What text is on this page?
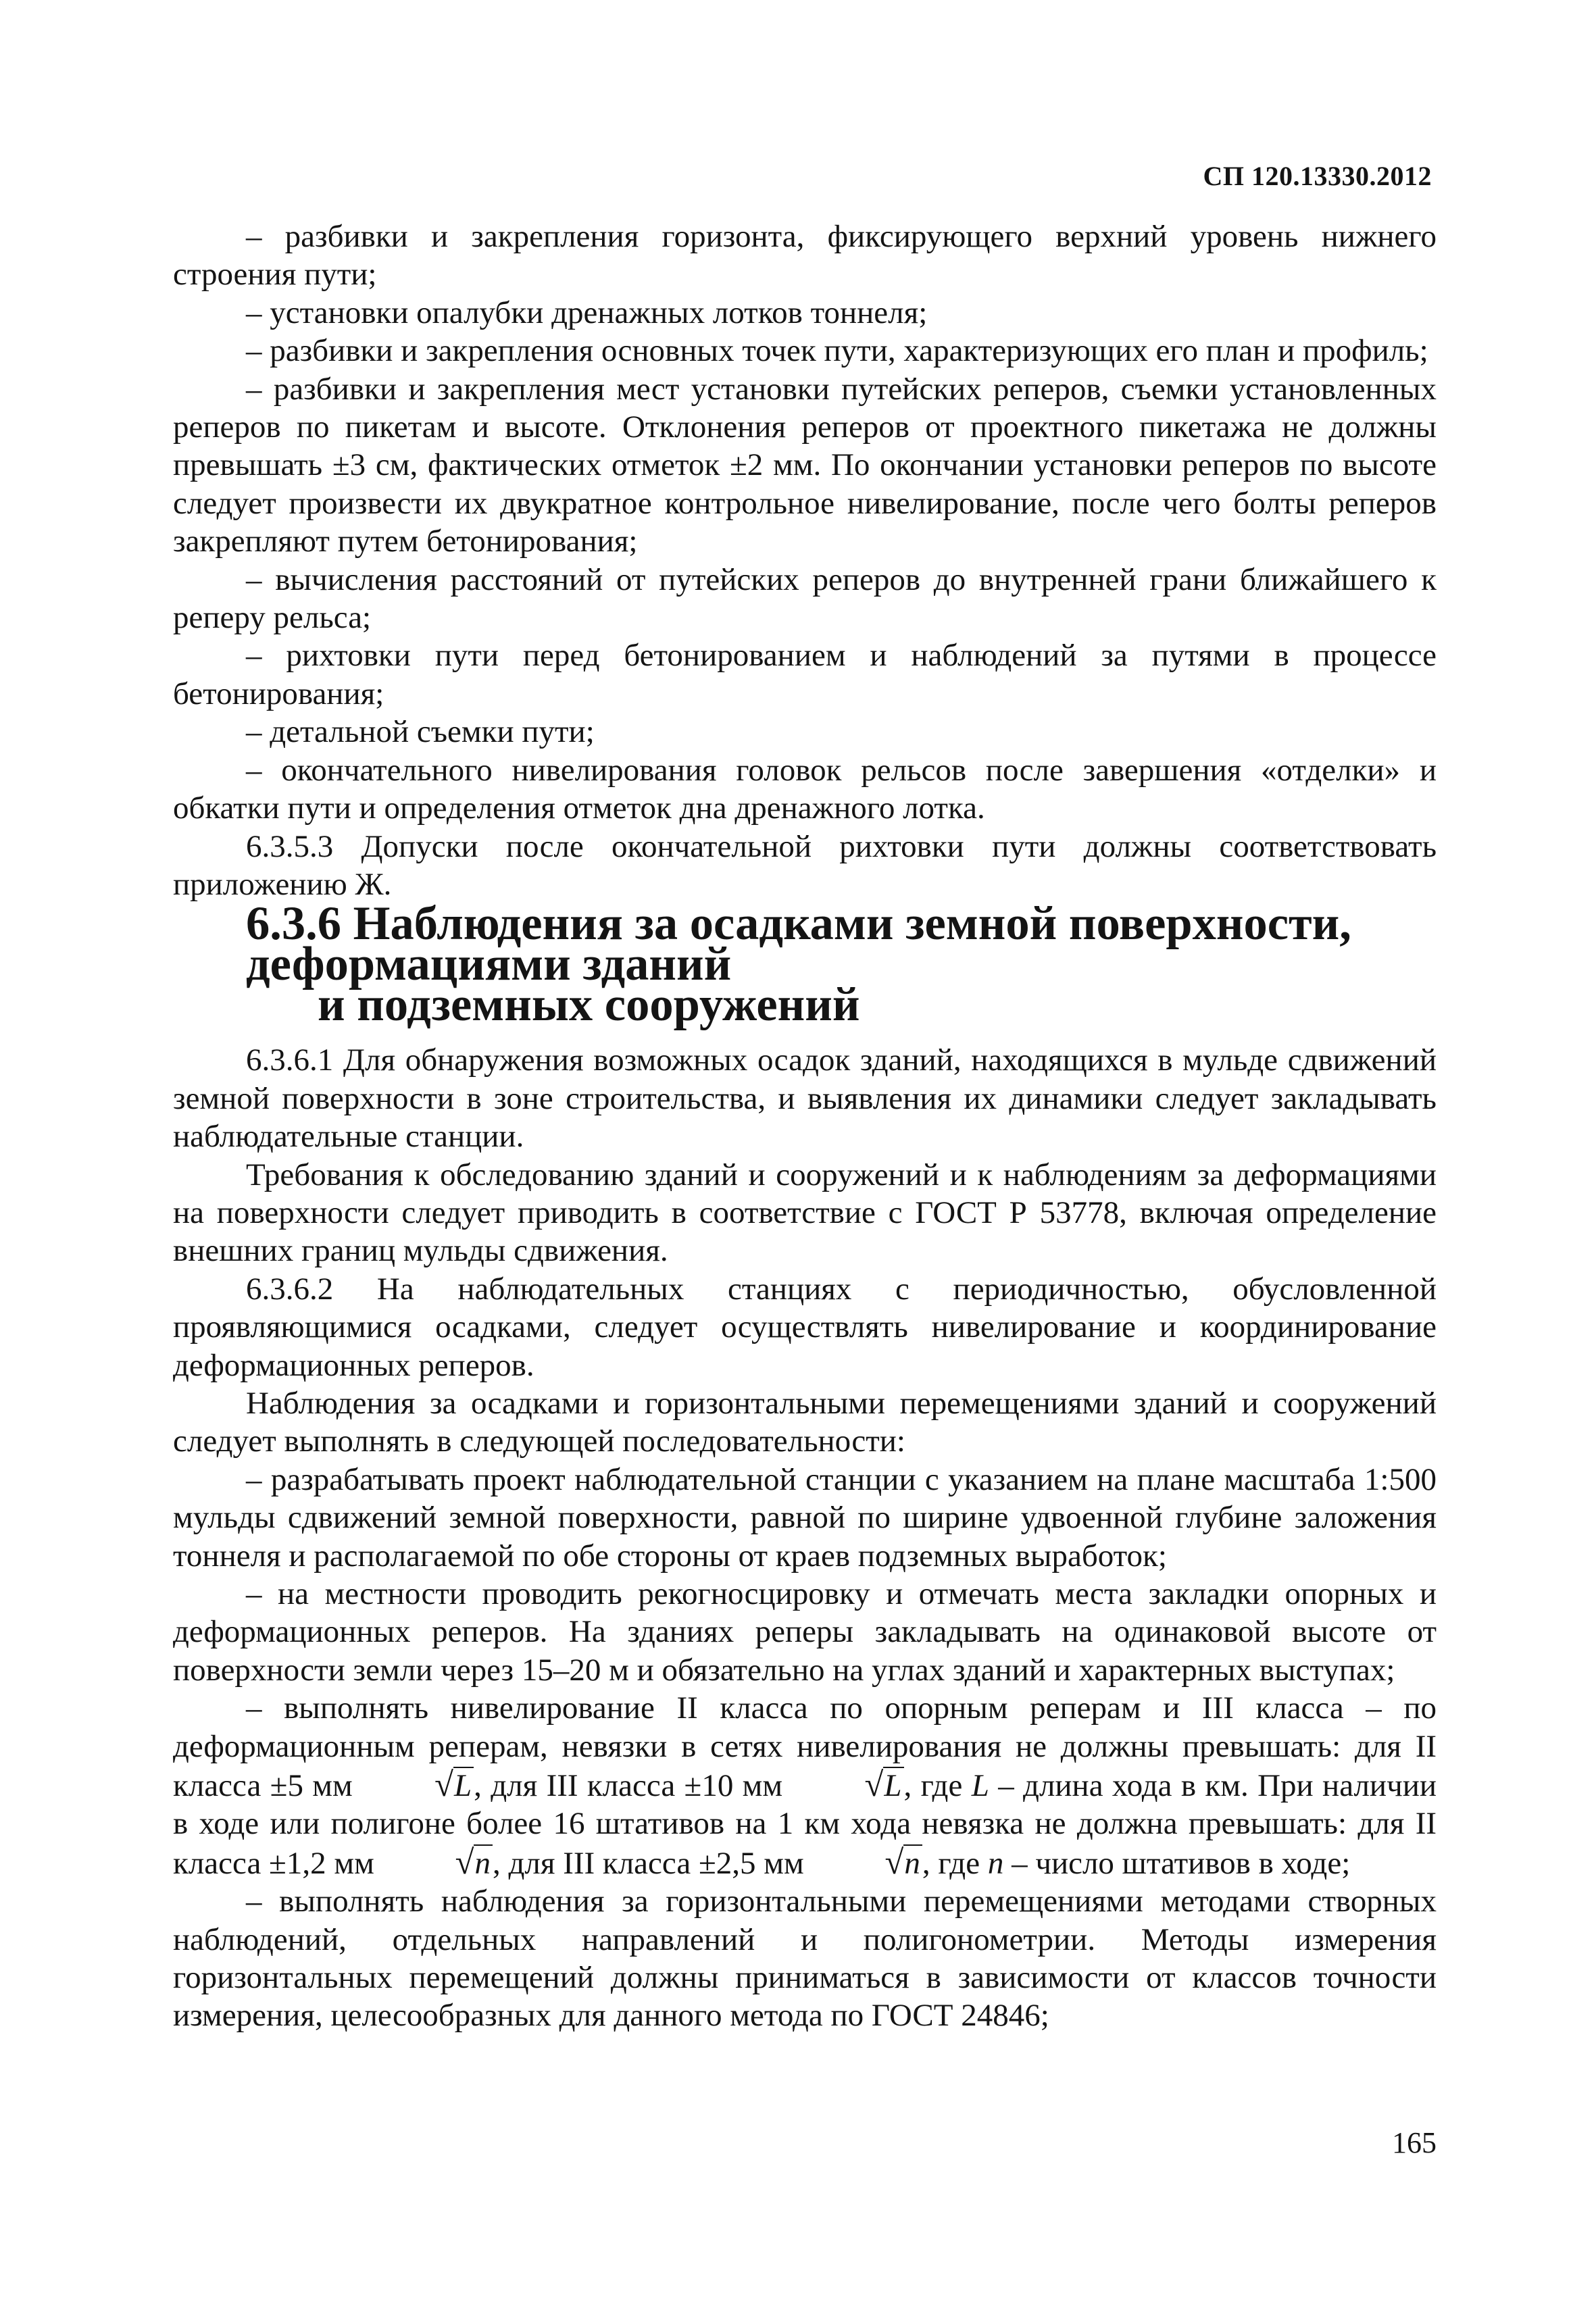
СП 120.13330.2012

– разбивки и закрепления горизонта, фиксирующего верхний уровень нижнего строения пути;

– установки опалубки дренажных лотков тоннеля;

– разбивки и закрепления основных точек пути, характеризующих его план и профиль;

– разбивки и закрепления мест установки путейских реперов, съемки установленных реперов по пикетам и высоте. Отклонения реперов от проектного пикетажа не должны превышать ±3 см, фактических отметок ±2 мм. По окончании установки реперов по высоте следует произвести их двукратное контрольное нивелирование, после чего болты реперов закрепляют путем бетонирования;

– вычисления расстояний от путейских реперов до внутренней грани ближайшего к реперу рельса;

– рихтовки пути перед бетонированием и наблюдений за путями в процессе бетонирования;

– детальной съемки пути;

– окончательного нивелирования головок рельсов после завершения «отделки» и обкатки пути и определения отметок дна дренажного лотка.

6.3.5.3 Допуски после окончательной рихтовки пути должны соответствовать приложению Ж.

6.3.6 Наблюдения за осадками земной поверхности, деформациями зданий
и подземных сооружений

6.3.6.1 Для обнаружения возможных осадок зданий, находящихся в мульде сдвижений земной поверхности в зоне строительства, и выявления их динамики следует закладывать наблюдательные станции.

Требования к обследованию зданий и сооружений и к наблюдениям за деформациями на поверхности следует приводить в соответствие с ГОСТ Р 53778, включая определение внешних границ мульды сдвижения.

6.3.6.2 На наблюдательных станциях с периодичностью, обусловленной проявляющимися осадками, следует осуществлять нивелирование и координирование деформационных реперов.

Наблюдения за осадками и горизонтальными перемещениями зданий и сооружений следует выполнять в следующей последовательности:

– разрабатывать проект наблюдательной станции с указанием на плане масштаба 1:500 мульды сдвижений земной поверхности, равной по ширине удвоенной глубине заложения тоннеля и располагаемой по обе стороны от краев подземных выработок;

– на местности проводить рекогносцировку и отмечать места закладки опорных и деформационных реперов. На зданиях реперы закладывать на одинаковой высоте от поверхности земли через 15–20 м и обязательно на углах зданий и характерных выступах;

– выполнять нивелирование II класса по опорным реперам и III класса – по деформационным реперам, невязки в сетях нивелирования не должны превышать: для II класса ±5 мм √L, для III класса ±10 мм √L, где L – длина хода в км. При наличии в ходе или полигоне более 16 штативов на 1 км хода невязка не должна превышать: для II класса ±1,2 мм √n, для III класса ±2,5 мм √n, где n – число штативов в ходе;

– выполнять наблюдения за горизонтальными перемещениями методами створных наблюдений, отдельных направлений и полигонометрии. Методы измерения горизонтальных перемещений должны приниматься в зависимости от классов точности измерения, целесообразных для данного метода по ГОСТ 24846;

165
